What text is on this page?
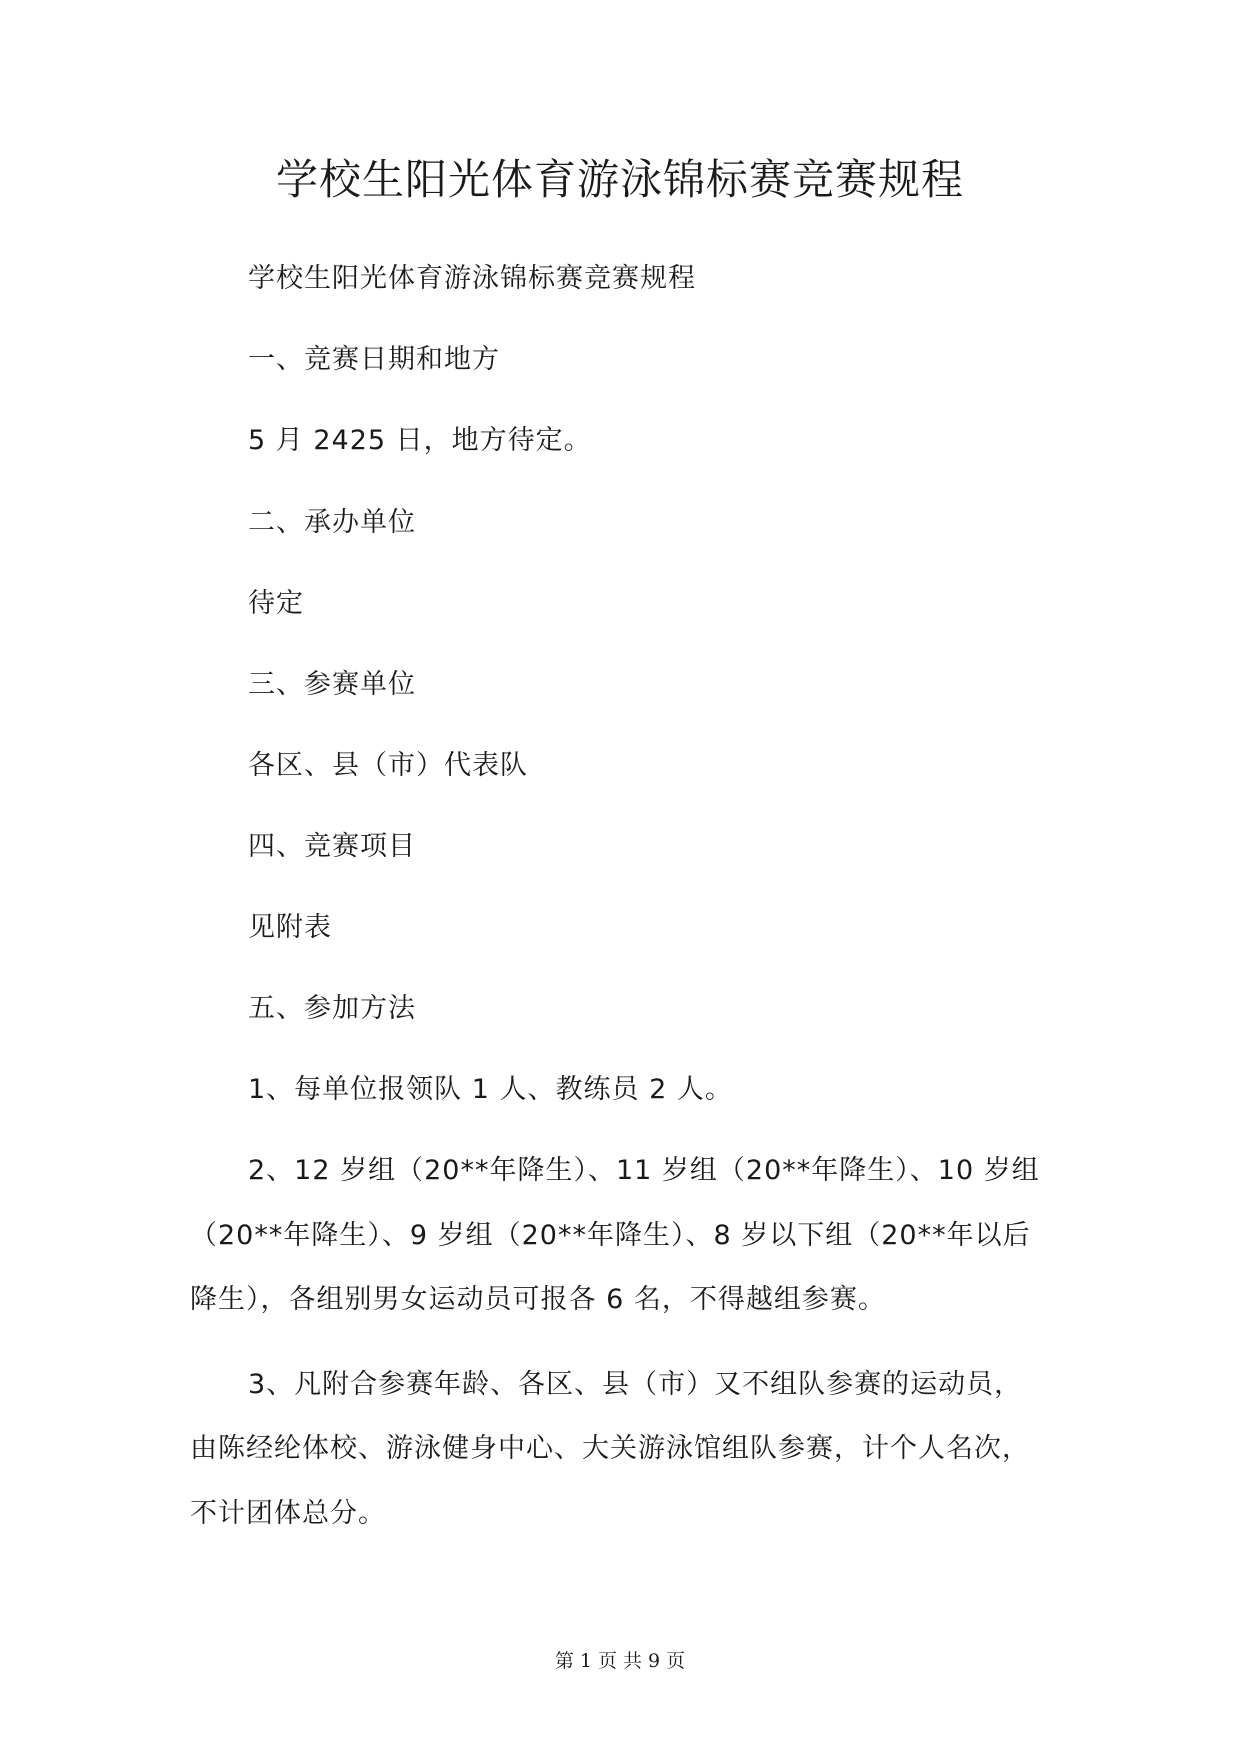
学校生阳光体育游泳锦标赛竞赛规程

学校生阳光体育游泳锦标赛竞赛规程

一、竞赛日期和地方

5 月 2425 日，地方待定。

二、承办单位

待定

三、参赛单位

各区、县（市）代表队

四、竞赛项目

见附表

五、参加方法

1、每单位报领队 1 人、教练员 2 人。

2、12 岁组（20**年降生）、11 岁组（20**年降生）、10 岁组

（20**年降生）、9 岁组（20**年降生）、8 岁以下组（20**年以后

降生），各组别男女运动员可报各 6 名，不得越组参赛。

3、凡附合参赛年龄、各区、县（市）又不组队参赛的运动员，

由陈经纶体校、游泳健身中心、大关游泳馆组队参赛，计个人名次，

不计团体总分。

第 1 页 共 9 页
